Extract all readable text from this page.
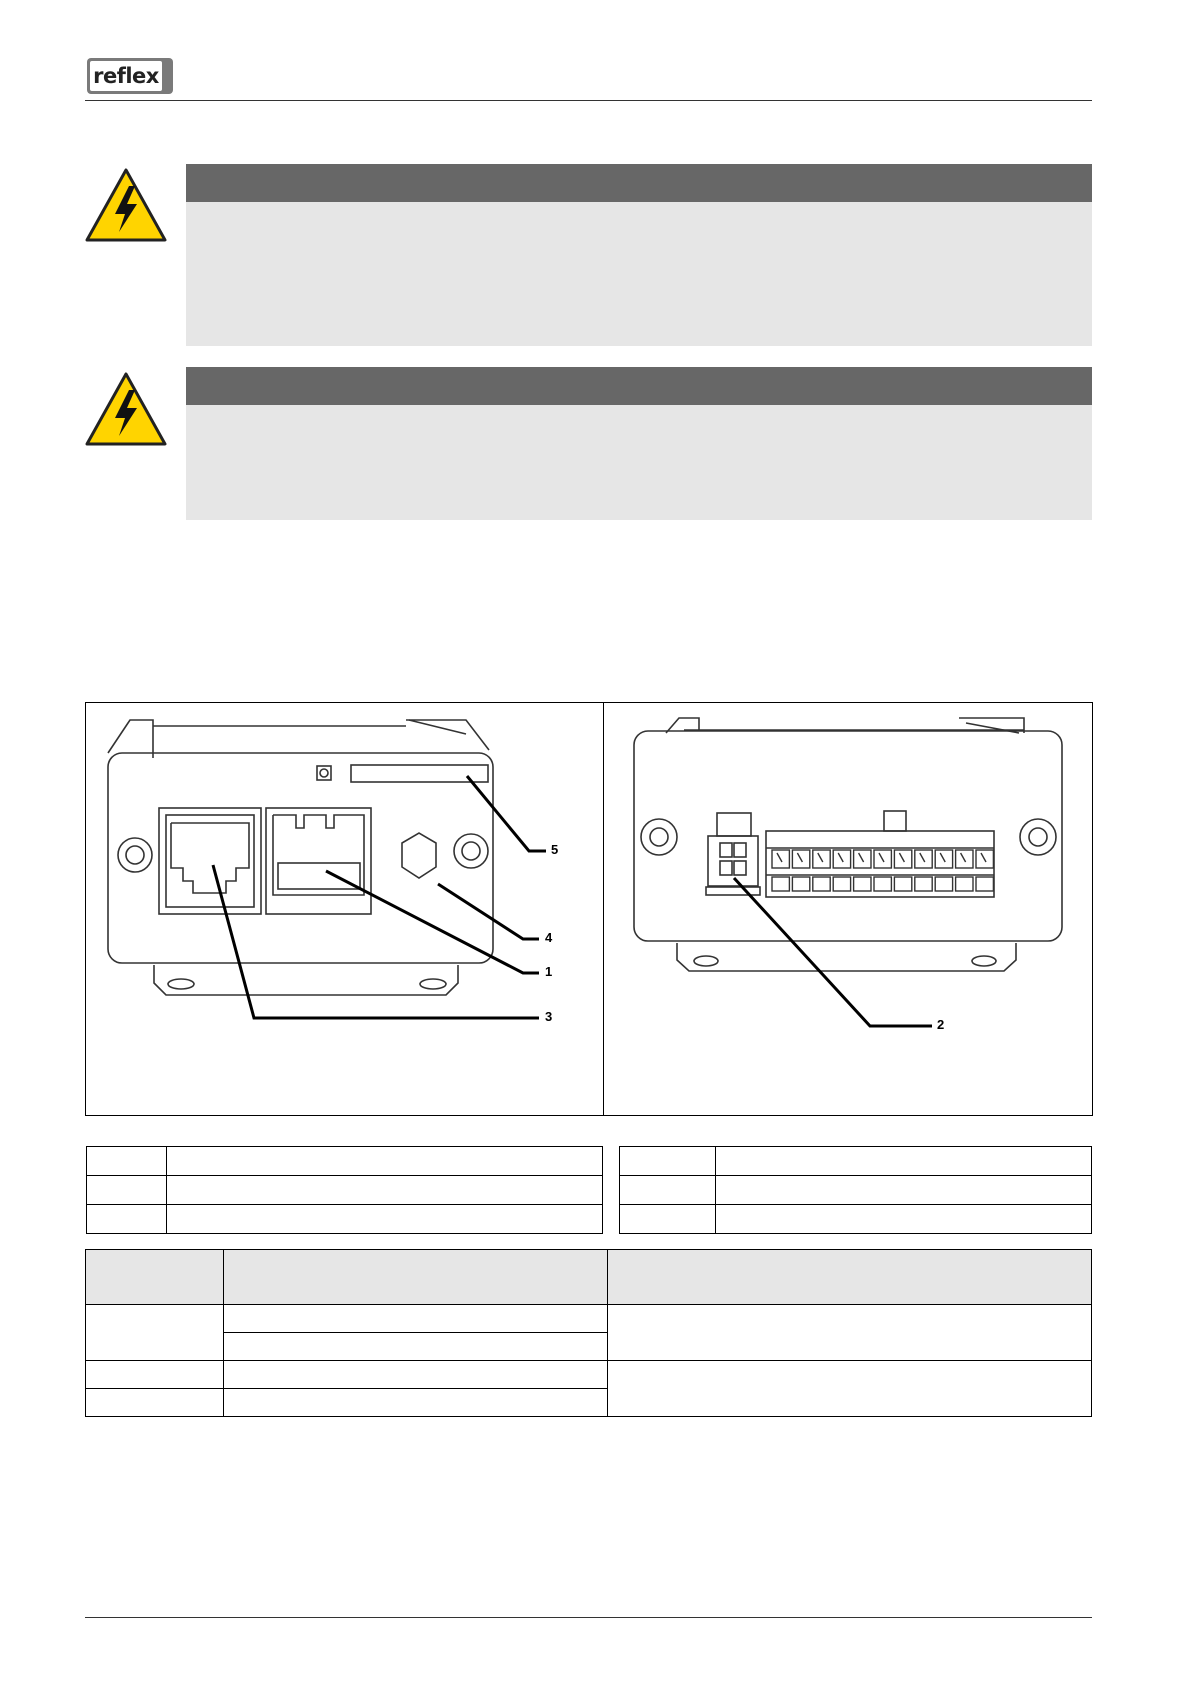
reflex
5
4
1
3
2
